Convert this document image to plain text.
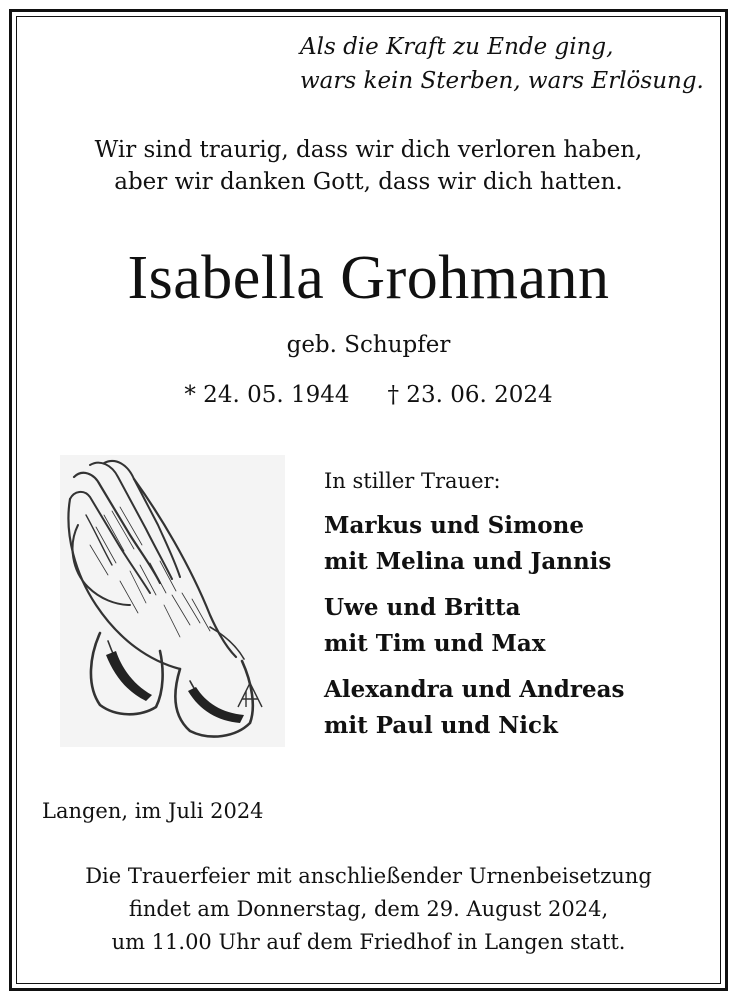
Als die Kraft zu Ende ging,
wars kein Sterben, wars Erlösung.
Wir sind traurig, dass wir dich verloren haben,
aber wir danken Gott, dass wir dich hatten.
Isabella Grohmann
geb. Schupfer
* 24. 05. 1944 † 23. 06. 2024
In stiller Trauer:
Markus und Simone
mit Melina und Jannis
Uwe und Britta
mit Tim und Max
Alexandra und Andreas
mit Paul und Nick
Langen, im Juli 2024
Die Trauerfeier mit anschließender Urnenbeisetzung
findet am Donnerstag, dem 29. August 2024,
um 11.00 Uhr auf dem Friedhof in Langen statt.
